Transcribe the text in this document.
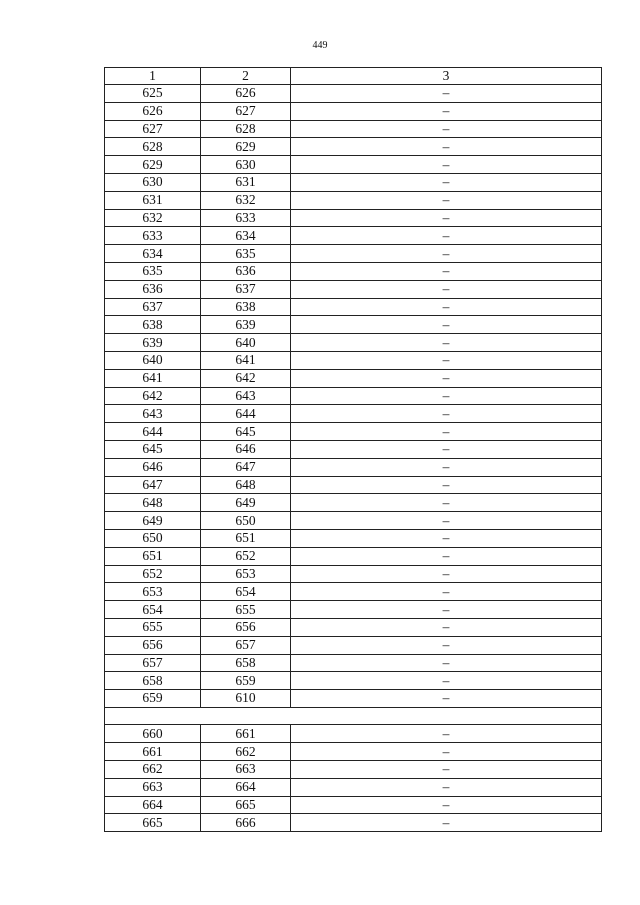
449
1	2	3
625	626	–
626	627	–
627	628	–
628	629	–
629	630	–
630	631	–
631	632	–
632	633	–
633	634	–
634	635	–
635	636	–
636	637	–
637	638	–
638	639	–
639	640	–
640	641	–
641	642	–
642	643	–
643	644	–
644	645	–
645	646	–
646	647	–
647	648	–
648	649	–
649	650	–
650	651	–
651	652	–
652	653	–
653	654	–
654	655	–
655	656	–
656	657	–
657	658	–
658	659	–
659	610	–

660	661	–
661	662	–
662	663	–
663	664	–
664	665	–
665	666	–
